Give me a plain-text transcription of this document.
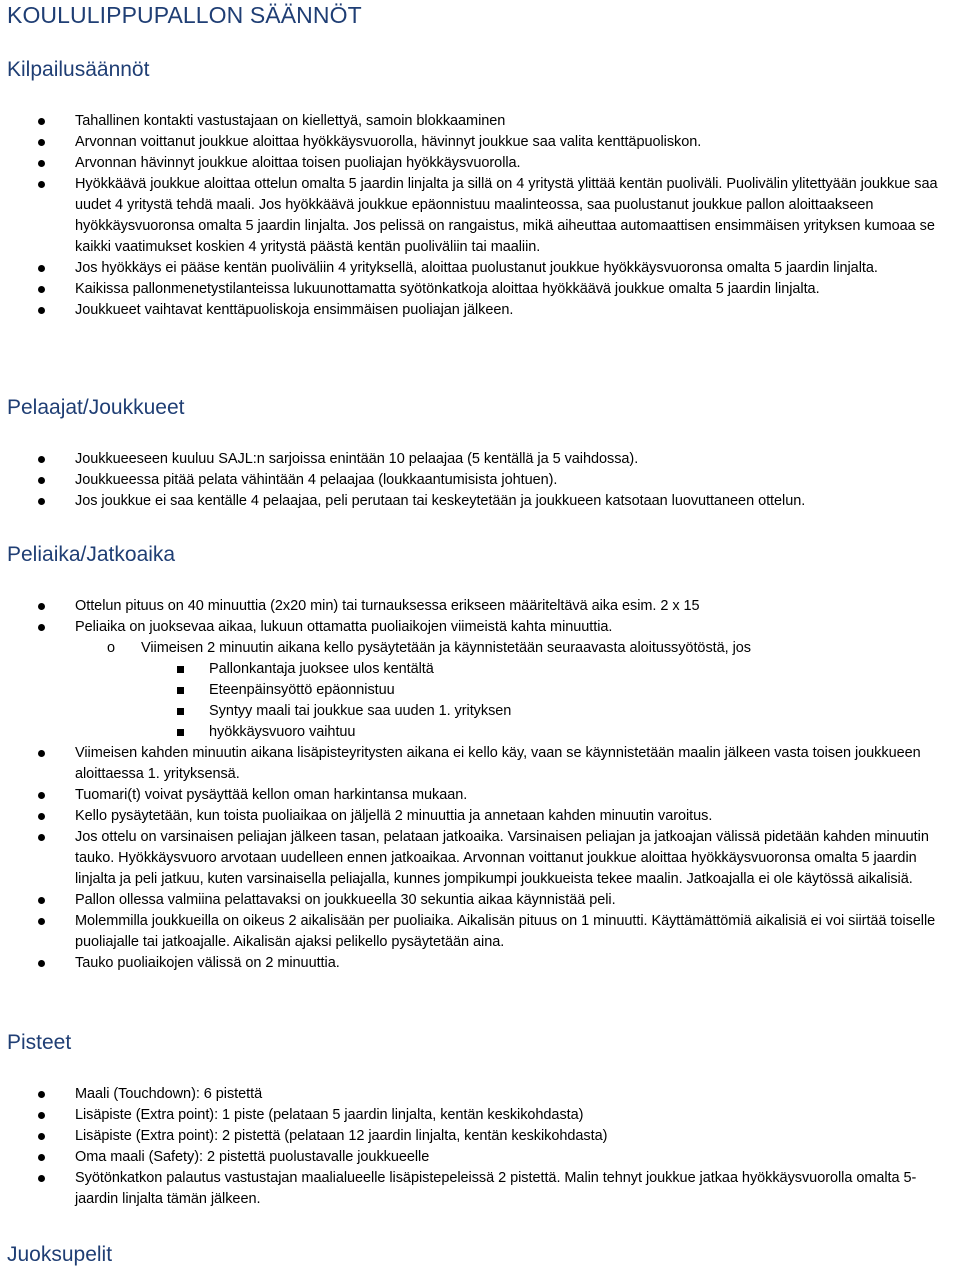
KOULULIPPUPALLON SÄÄNNÖT
Kilpailusäännöt
Tahallinen kontakti vastustajaan on kiellettyä, samoin blokkaaminen
Arvonnan voittanut joukkue aloittaa hyökkäysvuorolla, hävinnyt joukkue saa valita kenttäpuoliskon.
Arvonnan hävinnyt joukkue aloittaa toisen puoliajan hyökkäysvuorolla.
Hyökkäävä joukkue aloittaa ottelun omalta 5 jaardin linjalta ja sillä on 4 yritystä ylittää kentän puoliväli. Puolivälin ylitettyään joukkue saa uudet 4 yritystä tehdä maali. Jos hyökkäävä joukkue epäonnistuu maalinteossa, saa puolustanut joukkue pallon aloittaakseen hyökkäysvuoronsa omalta 5 jaardin linjalta. Jos pelissä on rangaistus, mikä aiheuttaa automaattisen ensimmäisen yrityksen kumoaa se kaikki vaatimukset koskien 4 yritystä päästä kentän puoliväliin tai maaliin.
Jos hyökkäys ei pääse kentän puoliväliin 4 yrityksellä, aloittaa puolustanut joukkue hyökkäysvuoronsa omalta 5 jaardin linjalta.
Kaikissa pallonmenetystilanteissa lukuunottamatta syötönkatkoja aloittaa hyökkäävä joukkue omalta 5 jaardin linjalta.
Joukkueet vaihtavat kenttäpuoliskoja ensimmäisen puoliajan jälkeen.
Pelaajat/Joukkueet
Joukkueeseen kuuluu SAJL:n sarjoissa enintään 10 pelaajaa (5 kentällä ja 5 vaihdossa).
Joukkueessa pitää pelata vähintään 4 pelaajaa (loukkaantumisista johtuen).
Jos joukkue ei saa kentälle 4 pelaajaa, peli perutaan tai keskeytetään ja joukkueen katsotaan luovuttaneen ottelun.
Peliaika/Jatkoaika
Ottelun pituus on 40 minuuttia (2x20 min) tai turnauksessa erikseen määriteltävä aika esim. 2 x 15
Peliaika on juoksevaa aikaa, lukuun ottamatta puoliaikojen viimeistä kahta minuuttia.
o Viimeisen 2 minuutin aikana kello pysäytetään ja käynnistetään seuraavasta aloitussyötöstä, jos
Pallonkantaja juoksee ulos kentältä
Eteenpäinsyöttö epäonnistuu
Syntyy maali tai joukkue saa uuden 1. yrityksen
hyökkäysvuoro vaihtuu
Viimeisen kahden minuutin aikana lisäpisteyritysten aikana ei kello käy, vaan se käynnistetään maalin jälkeen vasta toisen joukkueen aloittaessa 1. yrityksensä.
Tuomari(t) voivat pysäyttää kellon oman harkintansa mukaan.
Kello pysäytetään, kun toista puoliaikaa on jäljellä 2 minuuttia ja annetaan kahden minuutin varoitus.
Jos ottelu on varsinaisen peliajan jälkeen tasan, pelataan jatkoaika. Varsinaisen peliajan ja jatkoajan välissä pidetään kahden minuutin tauko. Hyökkäysvuoro arvotaan uudelleen ennen jatkoaikaa. Arvonnan voittanut joukkue aloittaa hyökkäysvuoronsa omalta 5 jaardin linjalta ja peli jatkuu, kuten varsinaisella peliajalla, kunnes jompikumpi joukkueista tekee maalin. Jatkoajalla ei ole käytössä aikalisiä.
Pallon ollessa valmiina pelattavaksi on joukkueella 30 sekuntia aikaa käynnistää peli.
Molemmilla joukkueilla on oikeus 2 aikalisään per puoliaika. Aikalisän pituus on 1 minuutti. Käyttämättömiä aikalisiä ei voi siirtää toiselle puoliajalle tai jatkoajalle. Aikalisän ajaksi pelikello pysäytetään aina.
Tauko puoliaikojen välissä on 2 minuuttia.
Pisteet
Maali (Touchdown): 6 pistettä
Lisäpiste (Extra point): 1 piste (pelataan 5 jaardin linjalta, kentän keskikohdasta)
Lisäpiste (Extra point): 2 pistettä (pelataan 12 jaardin linjalta, kentän keskikohdasta)
Oma maali (Safety): 2 pistettä puolustavalle joukkueelle
Syötönkatkon palautus vastustajan maalialueelle lisäpistepeleissä 2 pistettä. Malin tehnyt joukkue jatkaa hyökkäysvuorolla omalta 5-jaardin linjalta tämän jälkeen.
Juoksupelit
